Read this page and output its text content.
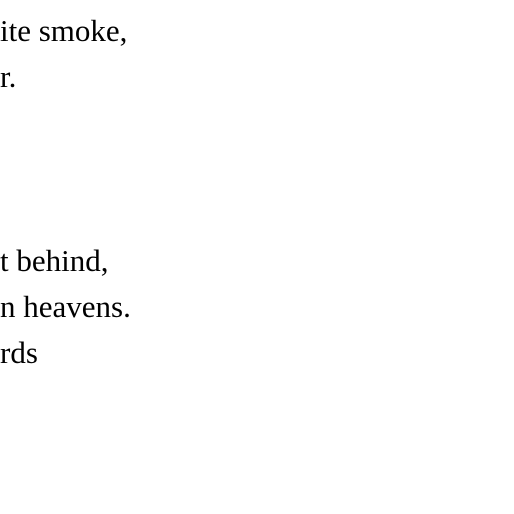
ite smoke,
r.
t behind,
n heavens.
rds
